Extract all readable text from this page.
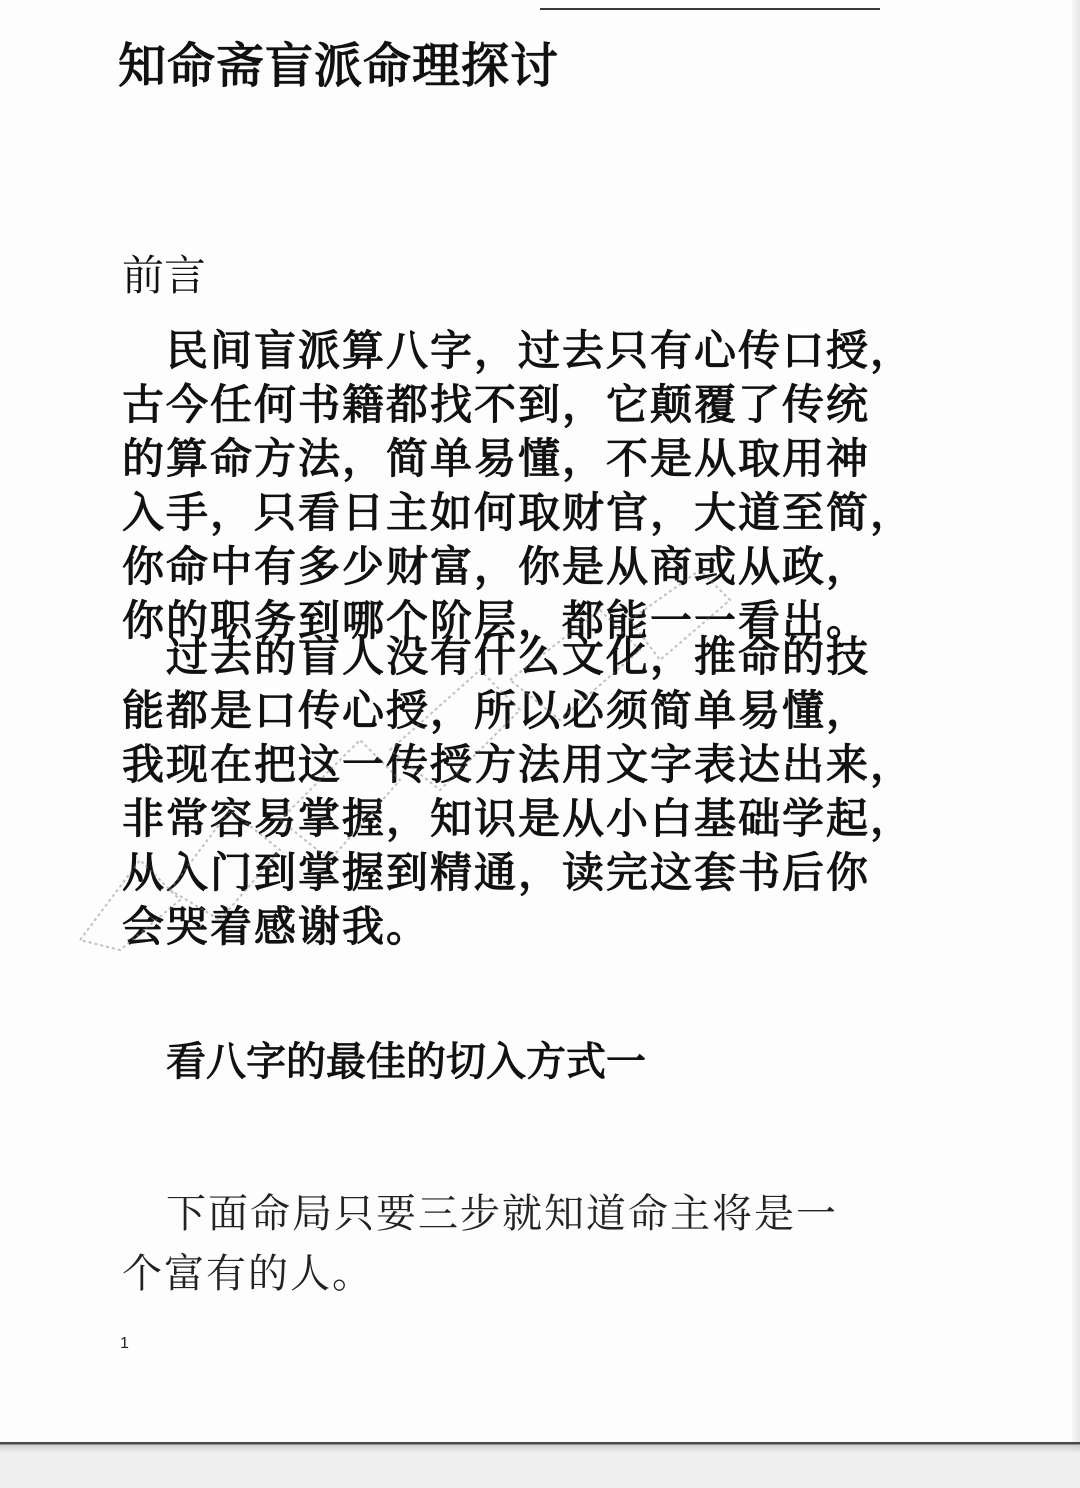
知命斋盲派命理探讨
前言
民间盲派算八字，过去只有心传口授，
古今任何书籍都找不到，它颠覆了传统
的算命方法，简单易懂，不是从取用神
入手，只看日主如何取财官，大道至简，
你命中有多少财富，你是从商或从政，
你的职务到哪个阶层，都能一一看出。
过去的盲人没有什么文化，推命的技
能都是口传心授，所以必须简单易懂，
我现在把这一传授方法用文字表达出来，
非常容易掌握，知识是从小白基础学起，
从入门到掌握到精通，读完这套书后你
会哭着感谢我。
看八字的最佳的切入方式一
下面命局只要三步就知道命主将是一
个富有的人。
1
